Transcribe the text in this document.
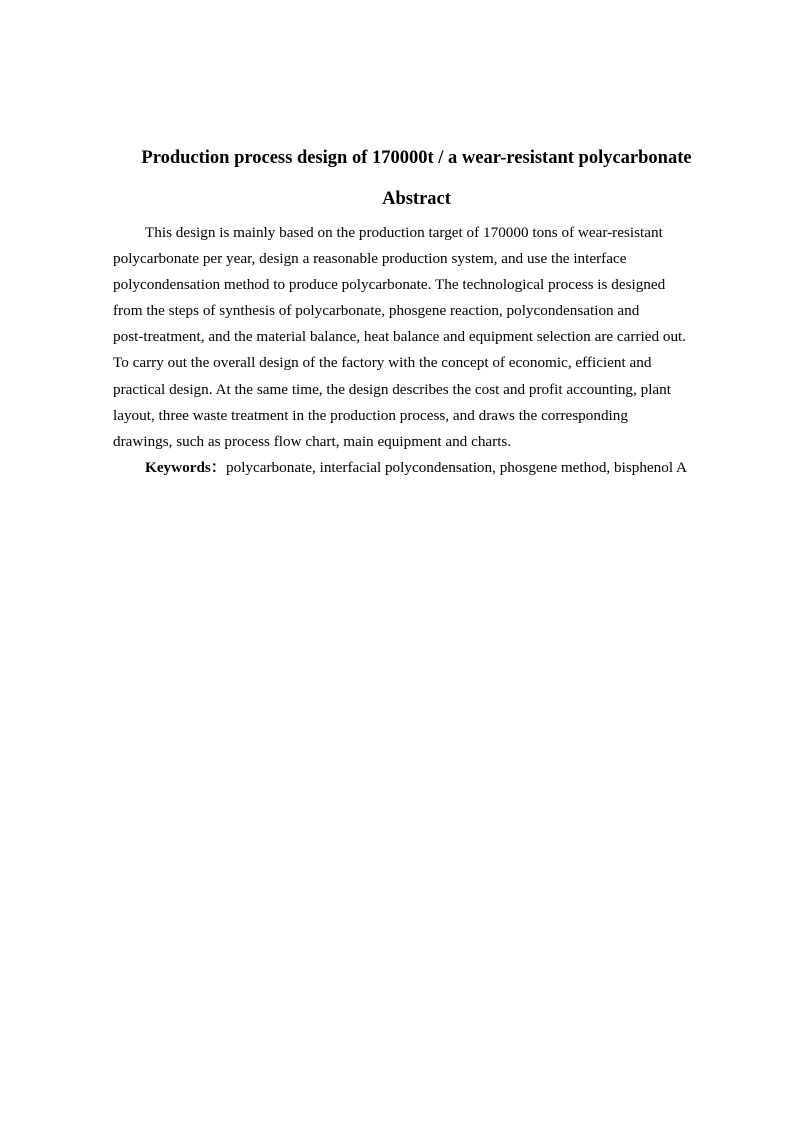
Production process design of 170000t / a wear-resistant polycarbonate
Abstract
This design is mainly based on the production target of 170000 tons of wear-resistant
polycarbonate per year, design a reasonable production system, and use the interface
polycondensation method to produce polycarbonate. The technological process is designed
from the steps of synthesis of polycarbonate, phosgene reaction, polycondensation and
post-treatment, and the material balance, heat balance and equipment selection are carried out.
To carry out the overall design of the factory with the concept of economic, efficient and
practical design. At the same time, the design describes the cost and profit accounting, plant
layout, three waste treatment in the production process, and draws the corresponding
drawings, such as process flow chart, main equipment and charts.
Keywords：polycarbonate, interfacial polycondensation, phosgene method, bisphenol A
